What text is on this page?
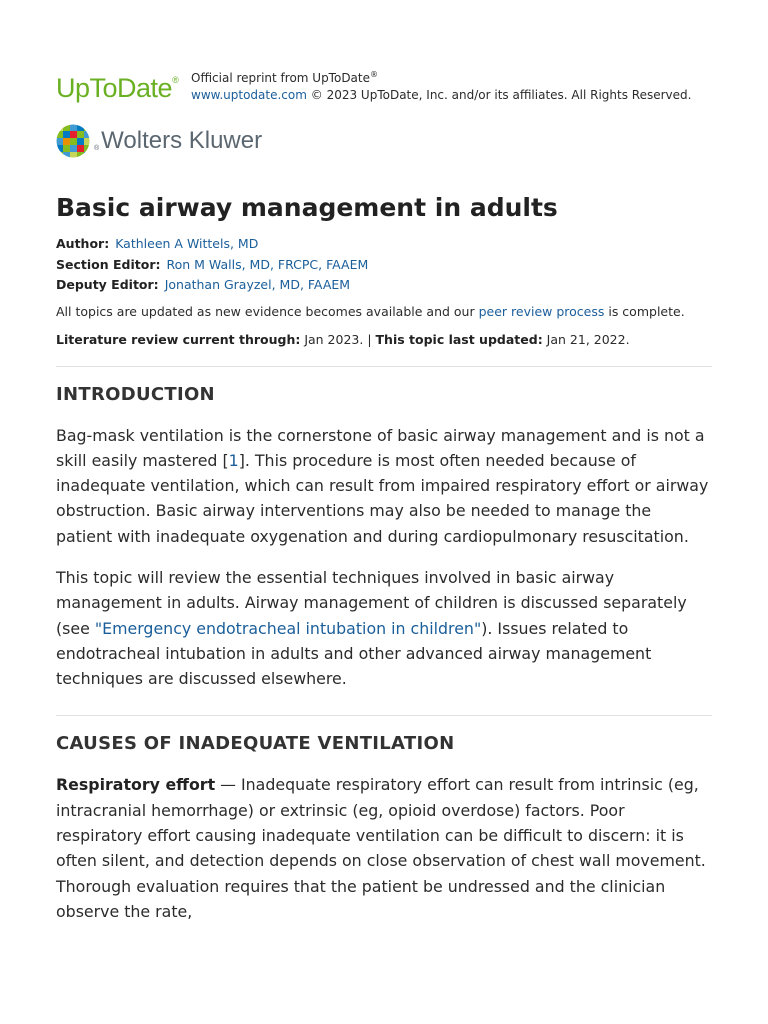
UpToDate® Official reprint from UpToDate®
www.uptodate.com © 2023 UpToDate, Inc. and/or its affiliates. All Rights Reserved.
®Wolters Kluwer
Basic airway management in adults
Author: Kathleen A Wittels, MD
Section Editor: Ron M Walls, MD, FRCPC, FAAEM
Deputy Editor: Jonathan Grayzel, MD, FAAEM
All topics are updated as new evidence becomes available and our peer review process is complete.
Literature review current through: Jan 2023. | This topic last updated: Jan 21, 2022.
INTRODUCTION

Bag-mask ventilation is the cornerstone of basic airway management and is not a skill easily mastered [1]. This procedure is most often needed because of inadequate ventilation, which can result from impaired respiratory effort or airway obstruction. Basic airway interventions may also be needed to manage the patient with inadequate oxygenation and during cardiopulmonary resuscitation.

This topic will review the essential techniques involved in basic airway management in adults. Airway management of children is discussed separately (see "Emergency endotracheal intubation in children"). Issues related to endotracheal intubation in adults and other advanced airway management techniques are discussed elsewhere.

CAUSES OF INADEQUATE VENTILATION

Respiratory effort — Inadequate respiratory effort can result from intrinsic (eg, intracranial hemorrhage) or extrinsic (eg, opioid overdose) factors. Poor respiratory effort causing inadequate ventilation can be difficult to discern: it is often silent, and detection depends on close observation of chest wall movement. Thorough evaluation requires that the patient be undressed and the clinician observe the rate,
